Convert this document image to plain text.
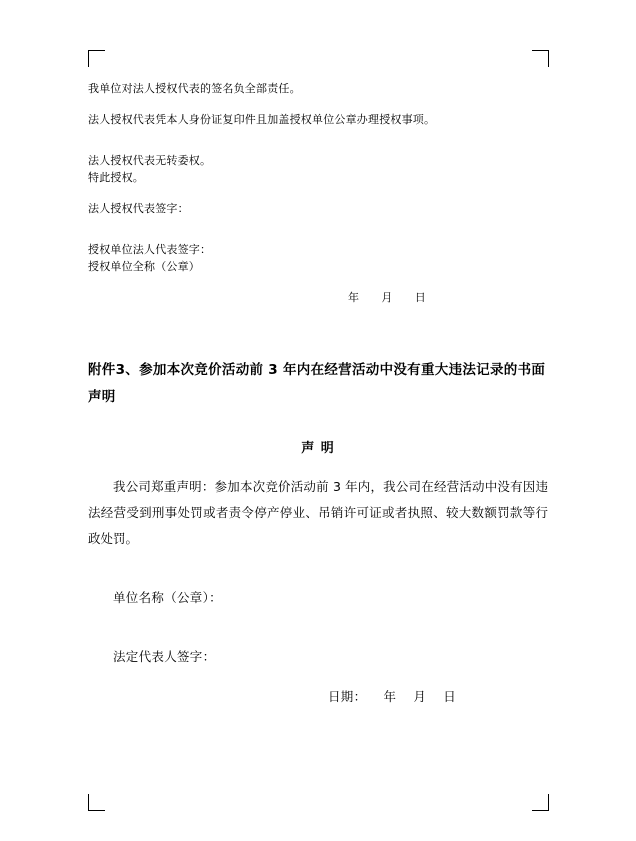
我单位对法人授权代表的签名负全部责任。

法人授权代表凭本人身份证复印件且加盖授权单位公章办理授权事项。

法人授权代表无转委权。

特此授权。

法人授权代表签字：

授权单位法人代表签字：

授权单位全称（公章）

年      月      日

附件3、参加本次竞价活动前 3 年内在经营活动中没有重大违法记录的书面声明
声 明

我公司郑重声明：参加本次竞价活动前 3 年内，我公司在经营活动中没有因违法经营受到刑事处罚或者责令停产停业、吊销许可证或者执照、较大数额罚款等行政处罚。

单位名称（公章）：

法定代表人签字：

日期：    年    月    日
